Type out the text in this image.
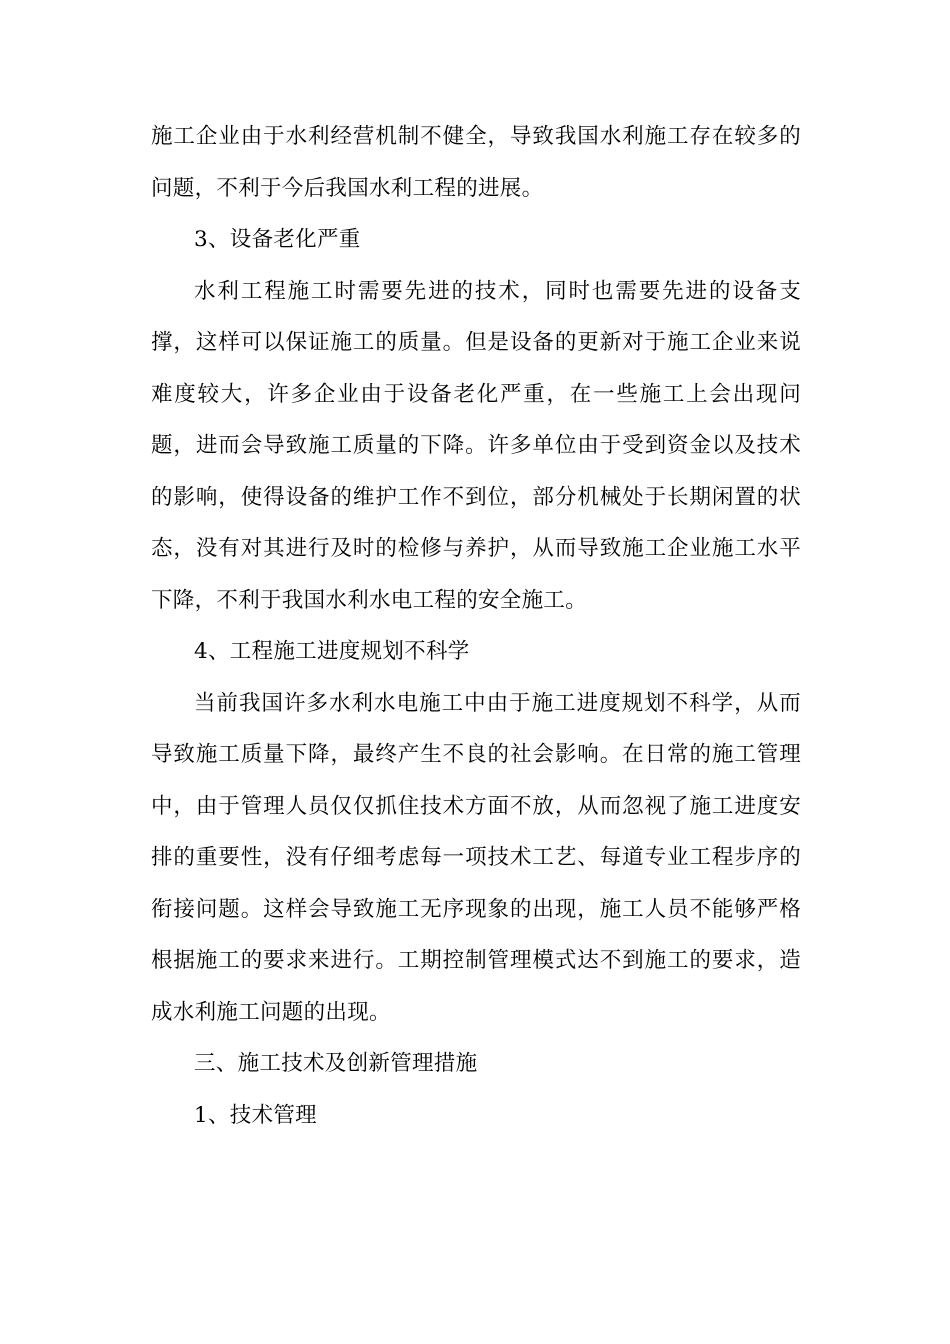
施工企业由于水利经营机制不健全，导致我国水利施工存在较多的
问题，不利于今后我国水利工程的进展。
3、设备老化严重
水利工程施工时需要先进的技术，同时也需要先进的设备支
撑，这样可以保证施工的质量。但是设备的更新对于施工企业来说
难度较大，许多企业由于设备老化严重，在一些施工上会出现问
题，进而会导致施工质量的下降。许多单位由于受到资金以及技术
的影响，使得设备的维护工作不到位，部分机械处于长期闲置的状
态，没有对其进行及时的检修与养护，从而导致施工企业施工水平
下降，不利于我国水利水电工程的安全施工。
4、工程施工进度规划不科学
当前我国许多水利水电施工中由于施工进度规划不科学，从而
导致施工质量下降，最终产生不良的社会影响。在日常的施工管理
中，由于管理人员仅仅抓住技术方面不放，从而忽视了施工进度安
排的重要性，没有仔细考虑每一项技术工艺、每道专业工程步序的
衔接问题。这样会导致施工无序现象的出现，施工人员不能够严格
根据施工的要求来进行。工期控制管理模式达不到施工的要求，造
成水利施工问题的出现。
三、施工技术及创新管理措施
1、技术管理
